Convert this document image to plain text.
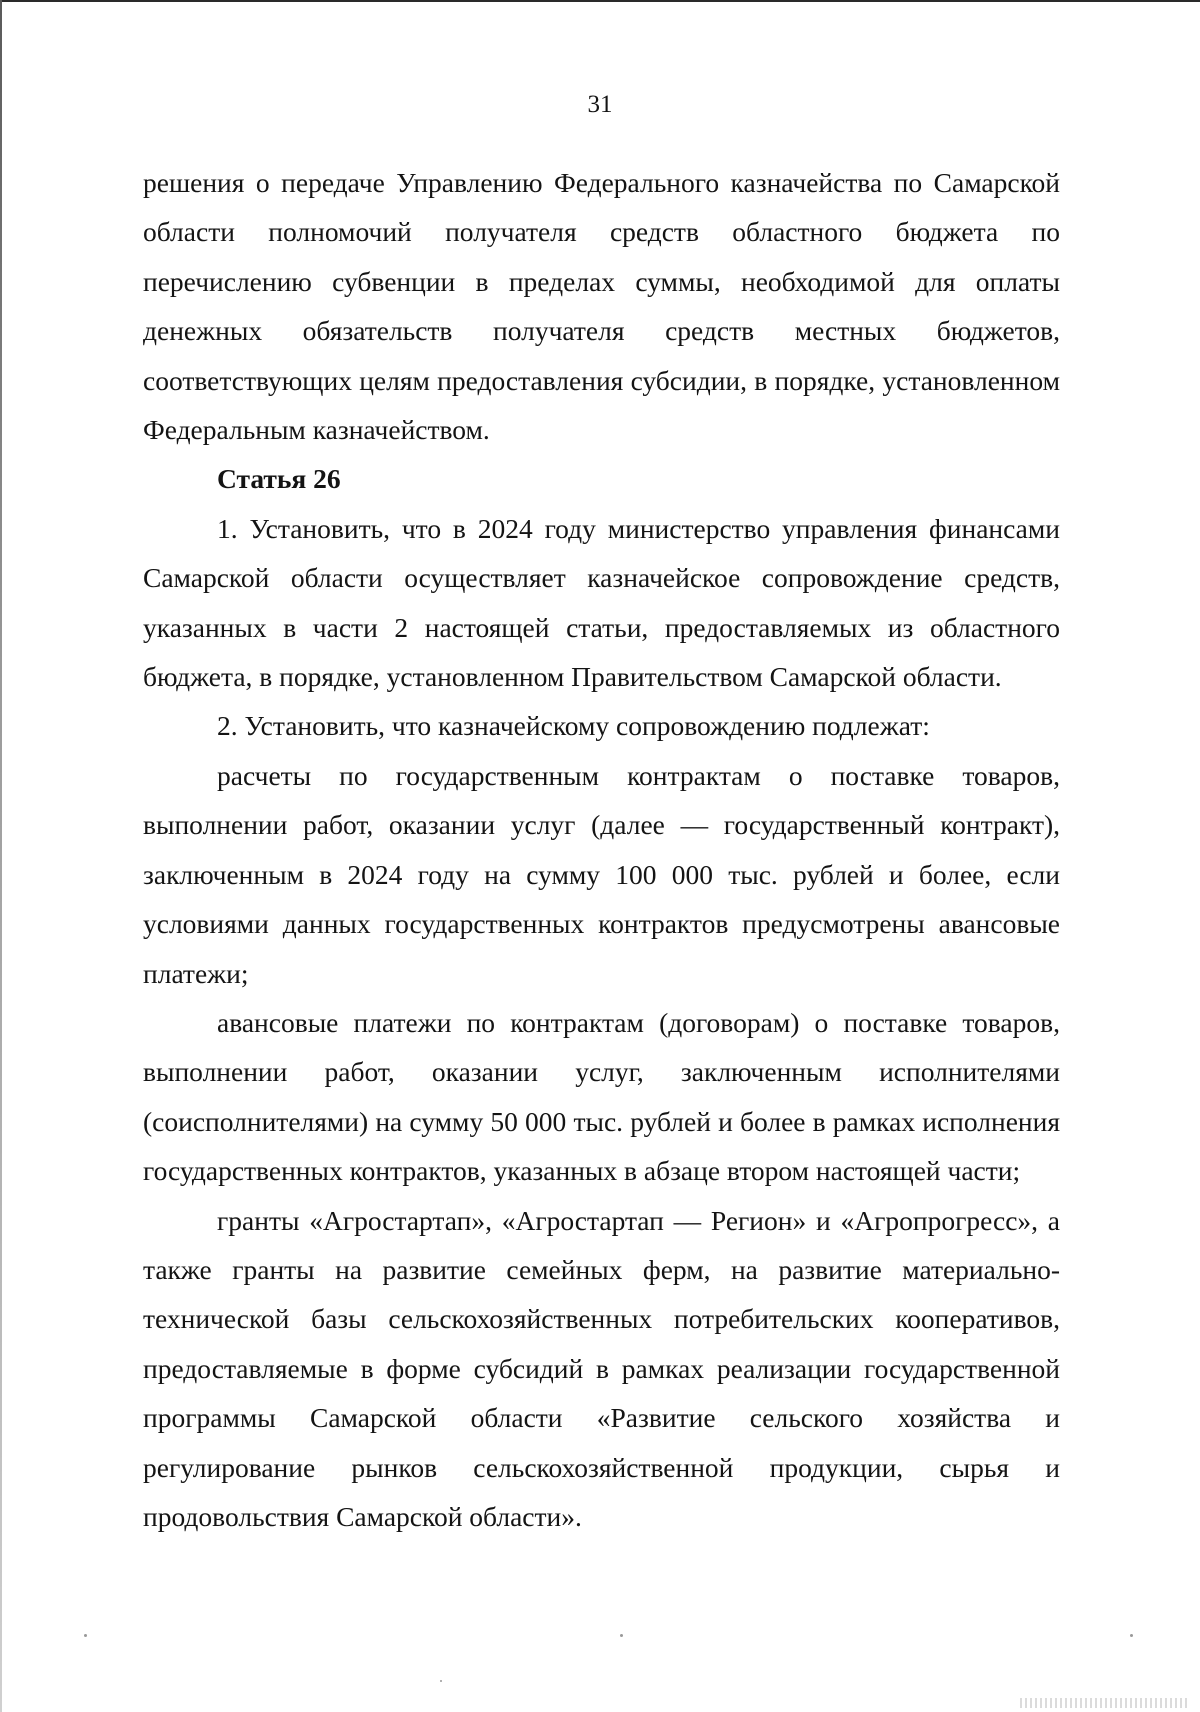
31

решения о передаче Управлению Федерального казначейства по Самарской области полномочий получателя средств областного бюджета по перечислению субвенции в пределах суммы, необходимой для оплаты денежных обязательств получателя средств местных бюджетов, соответствующих целям предоставления субсидии, в порядке, установленном Федеральным казначейством.

Статья 26

1. Установить, что в 2024 году министерство управления финансами Самарской области осуществляет казначейское сопровождение средств, указанных в части 2 настоящей статьи, предоставляемых из областного бюджета, в порядке, установленном Правительством Самарской области.

2. Установить, что казначейскому сопровождению подлежат:

расчеты по государственным контрактам о поставке товаров, выполнении работ, оказании услуг (далее — государственный контракт), заключенным в 2024 году на сумму 100 000 тыс. рублей и более, если условиями данных государственных контрактов предусмотрены авансовые платежи;

авансовые платежи по контрактам (договорам) о поставке товаров, выполнении работ, оказании услуг, заключенным исполнителями (соисполнителями) на сумму 50 000 тыс. рублей и более в рамках исполнения государственных контрактов, указанных в абзаце втором настоящей части;

гранты «Агростартап», «Агростартап — Регион» и «Агропрогресс», а также гранты на развитие семейных ферм, на развитие материально-технической базы сельскохозяйственных потребительских кооперативов, предоставляемые в форме субсидий в рамках реализации государственной программы Самарской области «Развитие сельского хозяйства и регулирование рынков сельскохозяйственной продукции, сырья и продовольствия Самарской области».
